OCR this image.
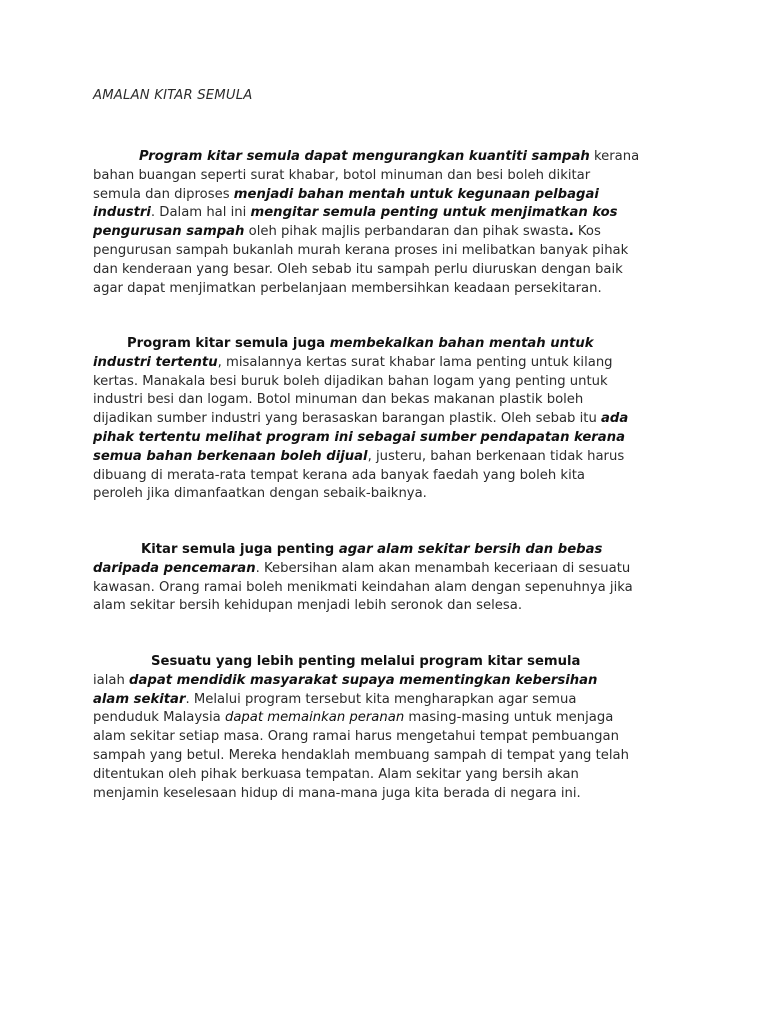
AMALAN KITAR SEMULA
Program kitar semula dapat mengurangkan kuantiti sampah kerana
bahan buangan seperti surat khabar, botol minuman dan besi boleh dikitar
semula dan diproses menjadi bahan mentah untuk kegunaan pelbagai
industri. Dalam hal ini mengitar semula penting untuk menjimatkan kos
pengurusan sampah oleh pihak majlis perbandaran dan pihak swasta. Kos
pengurusan sampah bukanlah murah kerana proses ini melibatkan banyak pihak
dan kenderaan yang besar. Oleh sebab itu sampah perlu diuruskan dengan baik
agar dapat menjimatkan perbelanjaan membersihkan keadaan persekitaran.
Program kitar semula juga membekalkan bahan mentah untuk
industri tertentu, misalannya kertas surat khabar lama penting untuk kilang
kertas. Manakala besi buruk boleh dijadikan bahan logam yang penting untuk
industri besi dan logam. Botol minuman dan bekas makanan plastik boleh
dijadikan sumber industri yang berasaskan barangan plastik. Oleh sebab itu ada
pihak tertentu melihat program ini sebagai sumber pendapatan kerana
semua bahan berkenaan boleh dijual, justeru, bahan berkenaan tidak harus
dibuang di merata-rata tempat kerana ada banyak faedah yang boleh kita
peroleh jika dimanfaatkan dengan sebaik-baiknya.
Kitar semula juga penting agar alam sekitar bersih dan bebas
daripada pencemaran. Kebersihan alam akan menambah keceriaan di sesuatu
kawasan. Orang ramai boleh menikmati keindahan alam dengan sepenuhnya jika
alam sekitar bersih kehidupan menjadi lebih seronok dan selesa.
Sesuatu yang lebih penting melalui program kitar semula
ialah dapat mendidik masyarakat supaya mementingkan kebersihan
alam sekitar. Melalui program tersebut kita mengharapkan agar semua
penduduk Malaysia dapat memainkan peranan masing-masing untuk menjaga
alam sekitar setiap masa. Orang ramai harus mengetahui tempat pembuangan
sampah yang betul. Mereka hendaklah membuang sampah di tempat yang telah
ditentukan oleh pihak berkuasa tempatan. Alam sekitar yang bersih akan
menjamin keselesaan hidup di mana-mana juga kita berada di negara ini.
